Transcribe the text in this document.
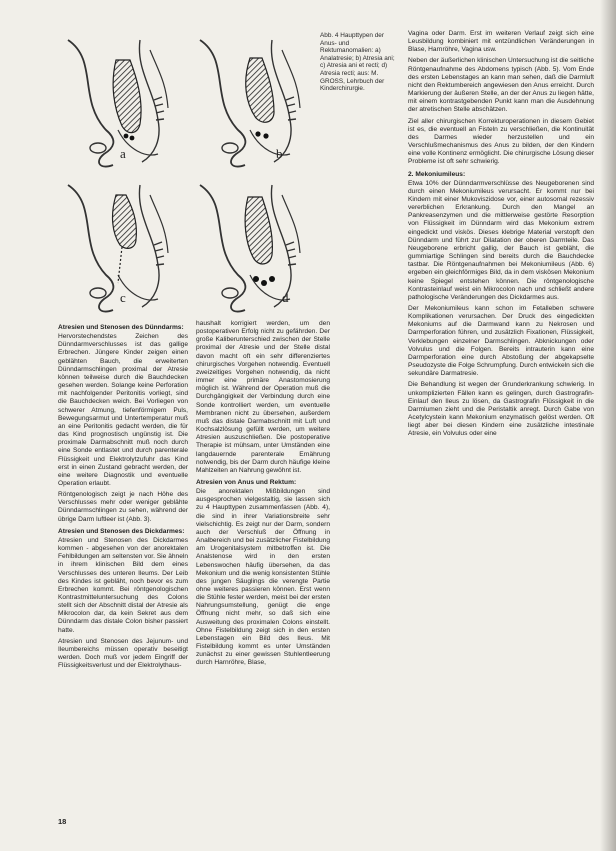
a	b
c	d
Abb. 4 Haupttypen der Anus- und Rektumanomalien: a) Analatresie; b) Atresia ani; c) Atresia ani et recti; d) Atresia recti; aus: M. GROSS, Lehrbuch der Kinderchirurgie.

Atresien und Stenosen des Dünndarms:

Hervorstechendstes Zeichen des Dünndarmverschlusses ist das gallige Erbrechen. Jüngere Kinder zeigen einen geblähten Bauch, die erweiterten Dünndarmschlingen proximal der Atresie können teilweise durch die Bauchdecken gesehen werden. Solange keine Perforation mit nachfolgender Peritonitis vorliegt, sind die Bauchdecken weich. Bei Vorliegen von schwerer Atmung, tiefenförmigem Puls, Bewegungsarmut und Untertemperatur muß an eine Peritonitis gedacht werden, die für das Kind prognostisch ungünstig ist. Die proximale Darmabschnitt muß noch durch eine Sonde entlastet und durch parenterale Flüssigkeit und Elektrolytzufuhr das Kind erst in einen Zustand gebracht werden, der eine weitere Diagnostik und eventuelle Operation erlaubt.

Röntgenologisch zeigt je nach Höhe des Verschlusses mehr oder weniger geblähte Dünndarmschlingen zu sehen, während der übrige Darm luftleer ist (Abb. 3).

Atresien und Stenosen des Dickdarmes:

Atresien und Stenosen des Dickdarmes kommen - abgesehen von der anorektalen Fehlbildungen am seltensten vor. Sie ähneln in ihrem klinischen Bild dem eines Verschlusses des unteren Ileums. Der Leib des Kindes ist gebläht, noch bevor es zum Erbrechen kommt. Bei röntgenologischen Kontrastmitteluntersuchung des Colons stellt sich der Abschnitt distal der Atresie als Mikrocolon dar, da kein Sekret aus dem Dünndarm das distale Colon bisher passiert hatte.

Atresien und Stenosen des Jejunum- und Ileumbereichs müssen operativ beseitigt werden. Doch muß vor jedem Eingriff der Flüssigkeitsverlust und der Elektrolythaus-

haushalt korrigiert werden, um den postoperativen Erfolg nicht zu gefährden. Der große Kaliberunterschied zwischen der Stelle proximal der Atresie und der Stelle distal davon macht oft ein sehr differenziertes chirurgisches Vorgehen notwendig. Eventuell zweizeitiges Vorgehen notwendig, da nicht immer eine primäre Anastomosierung möglich ist. Während der Operation muß die Durchgängigkeit der Verbindung durch eine Sonde kontrolliert werden, um eventuelle Membranen nicht zu übersehen, außerdem muß das distale Darmabschnitt mit Luft und Kochsalzlösung gefüllt werden, um weitere Atresien auszuschließen. Die postoperative Therapie ist mühsam, unter Umständen eine langdauernde parenterale Ernährung notwendig, bis der Darm durch häufige kleine Mahlzeiten an Nahrung gewöhnt ist.

Atresien von Anus und Rektum:

Die anorektalen Mißbildungen sind ausgesprochen vielgestaltig, sie lassen sich zu 4 Haupttypen zusammenfassen (Abb. 4), die sind in ihrer Variationsbreite sehr vielschichtig. Es zeigt nur der Darm, sondern auch der Verschluß der Öffnung in Analbereich und bei zusätzlicher Fistelbildung am Urogenitalsystem mitbetroffen ist. Die Analstenose wird in den ersten Lebenswochen häufig übersehen, da das Mekonium und die wenig konsistenten Stühle des jungen Säuglings die verengte Partie ohne weiteres passieren können. Erst wenn die Stühle fester werden, meist bei der ersten Nahrungsumstellung, genügt die enge Öffnung nicht mehr, so daß sich eine Ausweitung des proximalen Colons einstellt. Ohne Fistelbildung zeigt sich in den ersten Lebenstagen ein Bild des Ileus. Mit Fistelbildung kommt es unter Umständen zunächst zu einer gewissen Stuhlentleerung durch Harnröhre, Blase,

Vagina oder Darm. Erst im weiteren Verlauf zeigt sich eine Leusbildung kombiniert mit entzündlichen Veränderungen in Blase, Harnröhre, Vagina usw.

Neben der äußerlichen klinischen Untersuchung ist die seitliche Röntgenaufnahme des Abdomens typisch (Abb. 5). Vom Ende des ersten Lebenstages an kann man sehen, daß die Darmluft nicht den Rektumbereich angewiesen den Anus erreicht. Durch Markierung der äußeren Stelle, an der der Anus zu liegen hätte, mit einem kontrastgebenden Punkt kann man die Ausdehnung der atretischen Stelle abschätzen.

Ziel aller chirurgischen Korrekturoperationen in diesem Gebiet ist es, die eventuell an Fisteln zu verschließen, die Kontinuität des Darmes wieder herzustellen und ein Verschlußmechanismus des Anus zu bilden, der den Kindern eine volle Kontinenz ermöglicht. Die chirurgische Lösung dieser Probleme ist oft sehr schwierig.

2. Mekoniumileus:

Etwa 10% der Dünndarmverschlüsse des Neugeborenen sind durch einen Mekoniumileus verursacht. Er kommt nur bei Kindern mit einer Mukoviszidose vor, einer autosomal rezessiv vererblichen Erkrankung. Durch den Mangel an Pankreasenzymen und die mittlerweise gestörte Resorption von Flüssigkeit im Dünndarm wird das Mekonium extrem eingedickt und viskös. Dieses klebrige Material verstopft den Dünndarm und führt zur Dilatation der oberen Darmteile. Das Neugeborene erbricht gallig, der Bauch ist gebläht, die gummiartige Schlingen sind bereits durch die Bauchdecke tastbar. Die Röntgenaufnahmen bei Mekoniumileus (Abb. 6) ergeben ein gleichförmiges Bild, da in dem viskösen Mekonium keine Spiegel entstehen können. Die röntgenologische Kontrasteinlauf weist ein Mikrocolon nach und schließt andere pathologische Veränderungen des Dickdarmes aus.

Der Mekoniumileus kann schon im Fetalleben schwere Komplikationen verursachen. Der Druck des eingedickten Mekoniums auf die Darmwand kann zu Nekrosen und Darmperforation führen, und zusätzlich Fixationen, Flüssigkeit, Verklebungen einzelner Darmschlingen. Abknickungen oder Volvulus und die Folgen. Bereits intrauterin kann eine Darmperforation eine durch Abstoßung der abgekapselte Pseudozyste die Folge Schrumpfung. Durch entwickeln sich die sekundäre Darmatresie.

Die Behandlung ist wegen der Grunderkrankung schwierig. In unkomplizierten Fällen kann es gelingen, durch Gastrografin-Einlauf den Ileus zu lösen, da Gastrografin Flüssigkeit in die Darmlumen zieht und die Peristaltik anregt. Durch Gabe von Acetylcystein kann Mekonium enzymatisch gelöst werden. Oft liegt aber bei diesen Kindern eine zusätzliche intestinale Atresie, ein Volvulus oder eine

18
